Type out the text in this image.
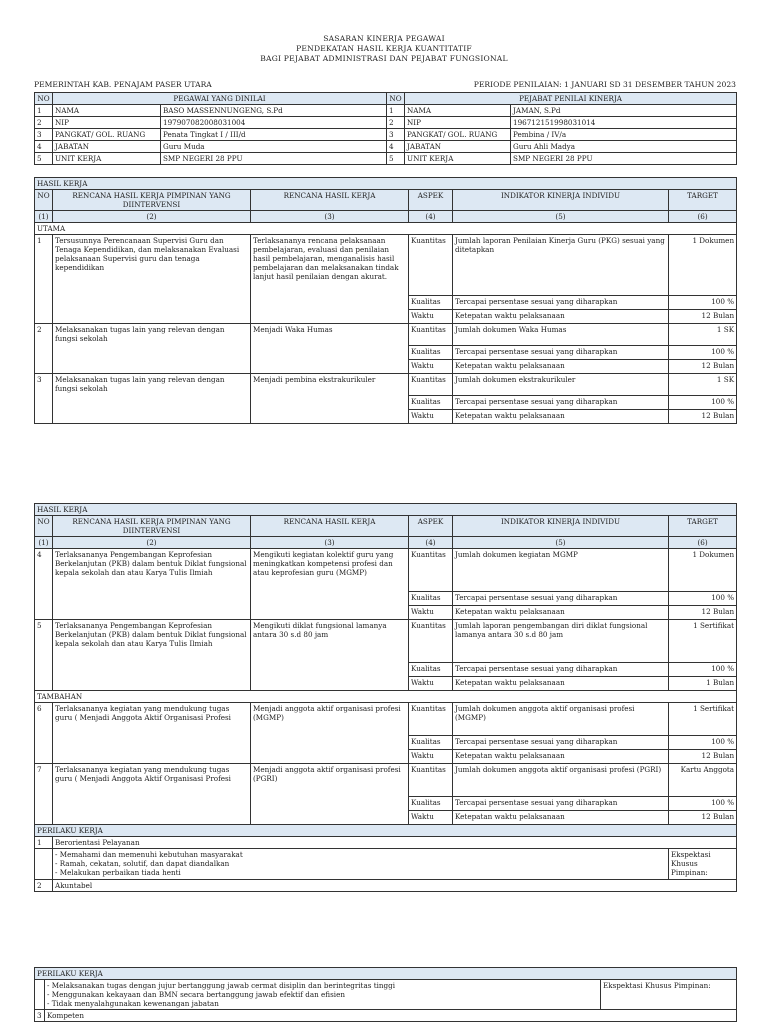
SASARAN KINERJA PEGAWAI
PENDEKATAN HASIL KERJA KUANTITATIF
BAGI PEJABAT ADMINISTRASI DAN PEJABAT FUNGSIONAL
PEMERINTAH KAB. PENAJAM PASER UTARA	PERIODE PENILAIAN: 1 JANUARI SD 31 DESEMBER TAHUN 2023
NO	PEGAWAI YANG DINILAI		NO	PEJABAT PENILAI KINERJA	
1	NAMA	BASO MASSENNUNGENG, S.Pd	1	NAMA	JAMAN, S.Pd
2	NIP	197907082008031004	2	NIP	196712151998031014
3	PANGKAT/ GOL. RUANG	Penata Tingkat I / III/d	3	PANGKAT/ GOL. RUANG	Pembina / IV/a
4	JABATAN	Guru Muda	4	JABATAN	Guru Ahli Madya
5	UNIT KERJA	SMP NEGERI 28 PPU	5	UNIT KERJA	SMP NEGERI 28 PPU
HASIL KERJA					
NO	RENCANA HASIL KERJA PIMPINAN YANG DIINTERVENSI	RENCANA HASIL KERJA	ASPEK	INDIKATOR KINERJA INDIVIDU	TARGET
(1)	(2)	(3)	(4)	(5)	(6)
UTAMA					
1	Tersusunnya Perencanaan Supervisi Guru dan Tenaga Kependidikan, dan melaksanakan Evaluasi pelaksanaan Supervisi guru dan tenaga kependidikan	Terlaksananya rencana pelaksanaan pembelajaran, evaluasi dan penilaian hasil pembelajaran, menganalisis hasil pembelajaran dan melaksanakan tindak lanjut hasil penilaian dengan akurat.	Kuantitas	Jumlah laporan Penilaian Kinerja Guru (PKG) sesuai yang ditetapkan	1 Dokumen
			Kualitas	Tercapai persentase sesuai yang diharapkan	100 %
			Waktu	Ketepatan waktu pelaksanaan	12 Bulan
2	Melaksanakan tugas lain yang relevan dengan fungsi sekolah	Menjadi Waka Humas	Kuantitas	Jumlah dokumen Waka Humas	1 SK
			Kualitas	Tercapai persentase sesuai yang diharapkan	100 %
			Waktu	Ketepatan waktu pelaksanaan	12 Bulan
3	Melaksanakan tugas lain yang relevan dengan fungsi sekolah	Menjadi pembina ekstrakurikuler	Kuantitas	Jumlah dokumen ekstrakurikuler	1 SK
			Kualitas	Tercapai persentase sesuai yang diharapkan	100 %
			Waktu	Ketepatan waktu pelaksanaan	12 Bulan
HASIL KERJA					
NO	RENCANA HASIL KERJA PIMPINAN YANG DIINTERVENSI	RENCANA HASIL KERJA	ASPEK	INDIKATOR KINERJA INDIVIDU	TARGET
(1)	(2)	(3)	(4)	(5)	(6)
4	Terlaksananya Pengembangan Keprofesian Berkelanjutan (PKB) dalam bentuk Diklat fungsional kepala sekolah dan atau Karya Tulis Ilmiah	Mengikuti kegiatan kolektif guru yang meningkatkan kompetensi profesi dan atau keprofesian guru (MGMP)	Kuantitas	Jumlah dokumen kegiatan MGMP	1 Dokumen
			Kualitas	Tercapai persentase sesuai yang diharapkan	100 %
			Waktu	Ketepatan waktu pelaksanaan	12 Bulan
5	Terlaksananya Pengembangan Keprofesian Berkelanjutan (PKB) dalam bentuk Diklat fungsional kepala sekolah dan atau Karya Tulis Ilmiah	Mengikuti diklat fungsional lamanya antara 30 s.d 80 jam	Kuantitas	Jumlah laporan pengembangan diri diklat fungsional lamanya antara 30 s.d 80 jam	1 Sertifikat
			Kualitas	Tercapai persentase sesuai yang diharapkan	100 %
			Waktu	Ketepatan waktu pelaksanaan	1 Bulan
TAMBAHAN					
6	Terlaksananya kegiatan yang mendukung tugas guru ( Menjadi Anggota Aktif Organisasi Profesi	Menjadi anggota aktif organisasi profesi (MGMP)	Kuantitas	Jumlah dokumen anggota aktif organisasi profesi (MGMP)	1 Sertifikat
			Kualitas	Tercapai persentase sesuai yang diharapkan	100 %
			Waktu	Ketepatan waktu pelaksanaan	12 Bulan
7	Terlaksananya kegiatan yang mendukung tugas guru ( Menjadi Anggota Aktif Organisasi Profesi	Menjadi anggota aktif organisasi profesi (PGRI)	Kuantitas	Jumlah dokumen anggota aktif organisasi profesi (PGRI)	Kartu Anggota
			Kualitas	Tercapai persentase sesuai yang diharapkan	100 %
			Waktu	Ketepatan waktu pelaksanaan	12 Bulan
PERILAKU KERJA					
1	Berorientasi Pelayanan				

	- Memahami dan memenuhi kebutuhan masyarakat
- Ramah, cekatan, solutif, dan dapat diandalkan
- Melakukan perbaikan tiada henti				Ekspektasi Khusus Pimpinan:
2	Akuntabel				
PERILAKU KERJA		

	- Melaksanakan tugas dengan jujur bertanggung jawab cermat disiplin dan berintegritas tinggi
- Menggunakan kekayaan dan BMN secara bertanggung jawab efektif dan efisien
- Tidak menyalahgunakan kewenangan jabatan	Ekspektasi Khusus Pimpinan:
3	Kompeten	
